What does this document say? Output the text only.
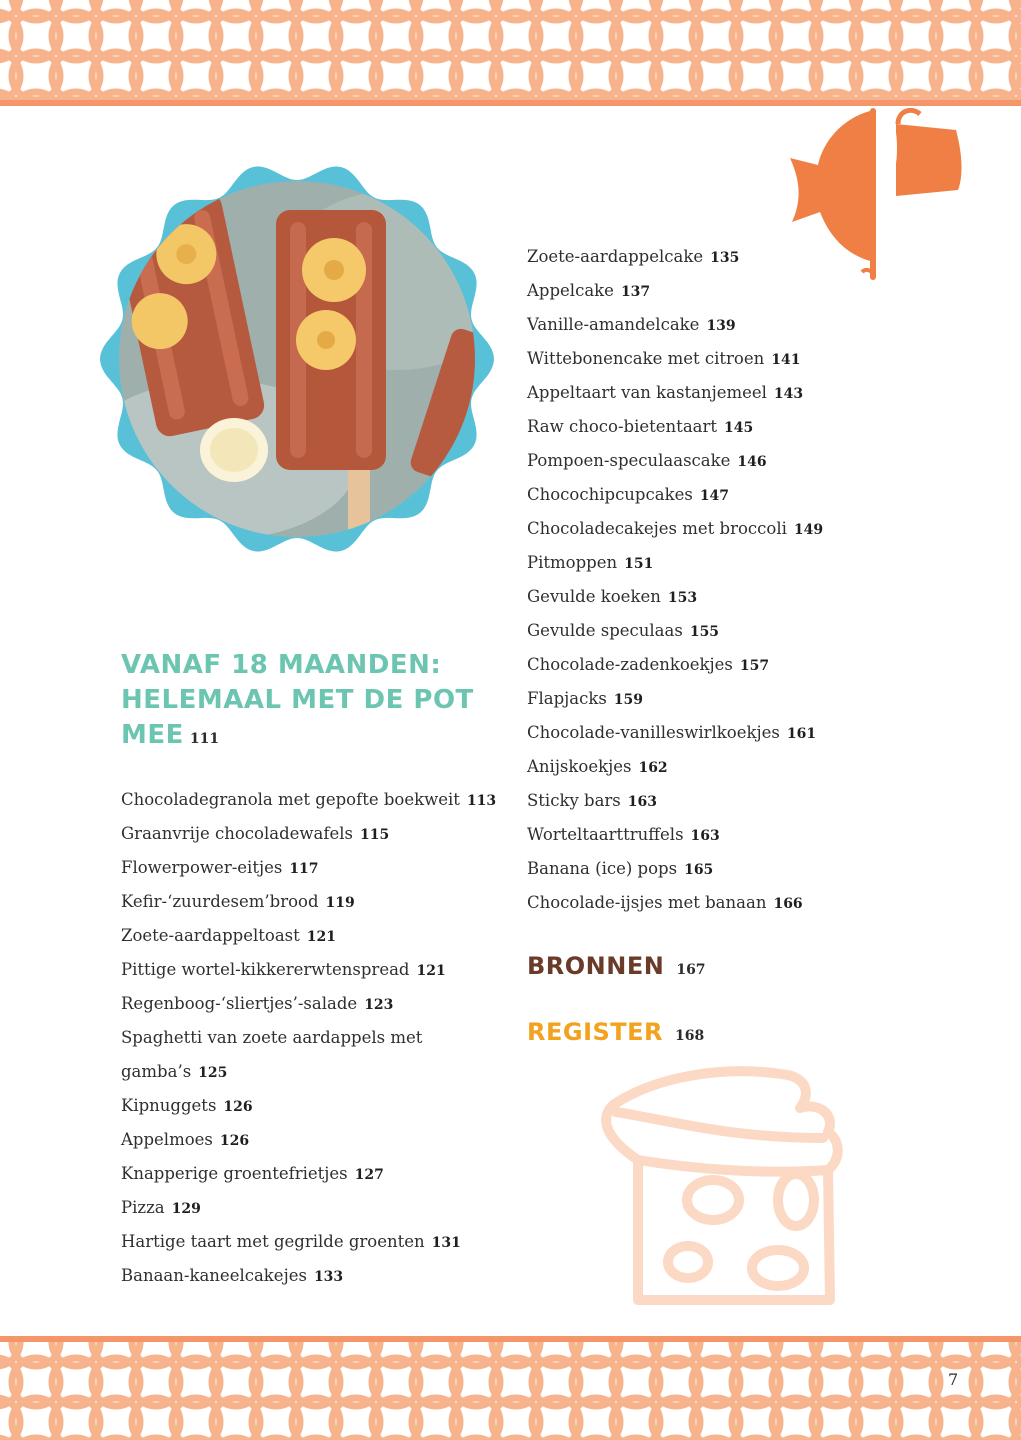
VANAF 18 MAANDEN: HELEMAAL MET DE POT MEE 111
Chocoladegranola met gepofte boekweit 113
Graanvrije chocoladewafels 115
Flowerpower-eitjes 117
Kefir-‘zuurdesem’brood 119
Zoete-aardappeltoast 121
Pittige wortel-kikkererwtenspread 121
Regenboog-‘sliertjes’-salade 123
Spaghetti van zoete aardappels met
gamba’s 125
Kipnuggets 126
Appelmoes 126
Knapperige groentefrietjes 127
Pizza 129
Hartige taart met gegrilde groenten 131
Banaan-kaneelcakejes 133
Zoete-aardappelcake 135
Appelcake 137
Vanille-amandelcake 139
Wittebonencake met citroen 141
Appeltaart van kastanjemeel 143
Raw choco-bietentaart 145
Pompoen-speculaascake 146
Chocochipcupcakes 147
Chocoladecakejes met broccoli 149
Pitmoppen 151
Gevulde koeken 153
Gevulde speculaas 155
Chocolade-zadenkoekjes 157
Flapjacks 159
Chocolade-vanilleswirlkoekjes 161
Anijskoekjes 162
Sticky bars 163
Worteltaarttruffels 163
Banana (ice) pops 165
Chocolade-ijsjes met banaan 166
BRONNEN 167
REGISTER 168
7
